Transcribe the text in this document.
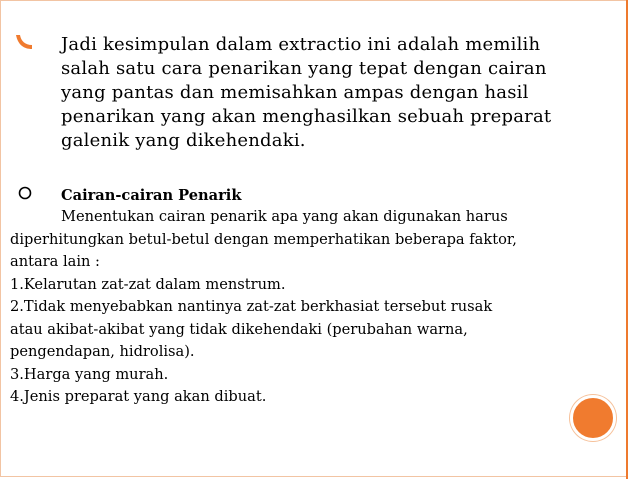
Jadi kesimpulan dalam extractio ini adalah memilih
salah satu cara penarikan yang tepat dengan cairan
yang pantas dan memisahkan ampas dengan hasil
penarikan yang akan menghasilkan sebuah preparat
galenik yang dikehendaki.
Cairan-cairan Penarik
Menentukan cairan penarik apa yang akan digunakan harus
diperhitungkan betul-betul dengan memperhatikan beberapa faktor,
antara lain :
1.Kelarutan zat-zat dalam menstrum.
2.Tidak menyebabkan nantinya zat-zat berkhasiat tersebut rusak
atau akibat-akibat yang tidak dikehendaki (perubahan warna,
pengendapan, hidrolisa).
3.Harga yang murah.
4.Jenis preparat yang akan dibuat.
